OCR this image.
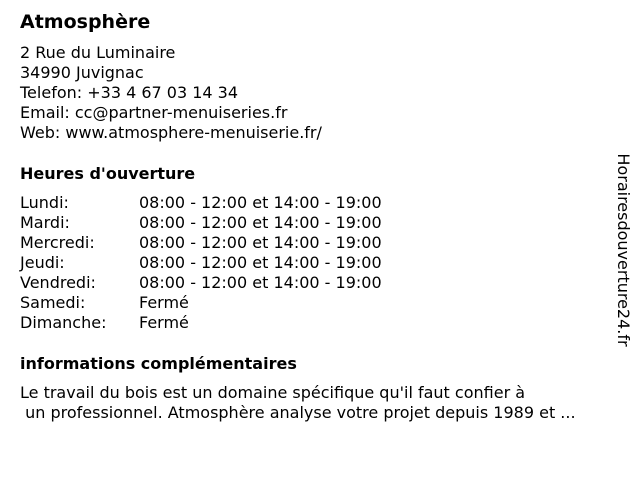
Atmosphère
2 Rue du Luminaire
34990 Juvignac
Telefon: +33 4 67 03 14 34
Email: cc@partner-menuiseries.fr
Web: www.atmosphere-menuiserie.fr/
Heures d'ouverture
Lundi:	08:00 - 12:00 et 14:00 - 19:00
Mardi:	08:00 - 12:00 et 14:00 - 19:00
Mercredi:	08:00 - 12:00 et 14:00 - 19:00
Jeudi:	08:00 - 12:00 et 14:00 - 19:00
Vendredi:	08:00 - 12:00 et 14:00 - 19:00
Samedi:	Fermé
Dimanche: Fermé
informations complémentaires
Le travail du bois est un domaine spécifique qu'il faut confier à
un professionnel. Atmosphère analyse votre projet depuis 1989 et ...
Horairesdouverture24.fr
